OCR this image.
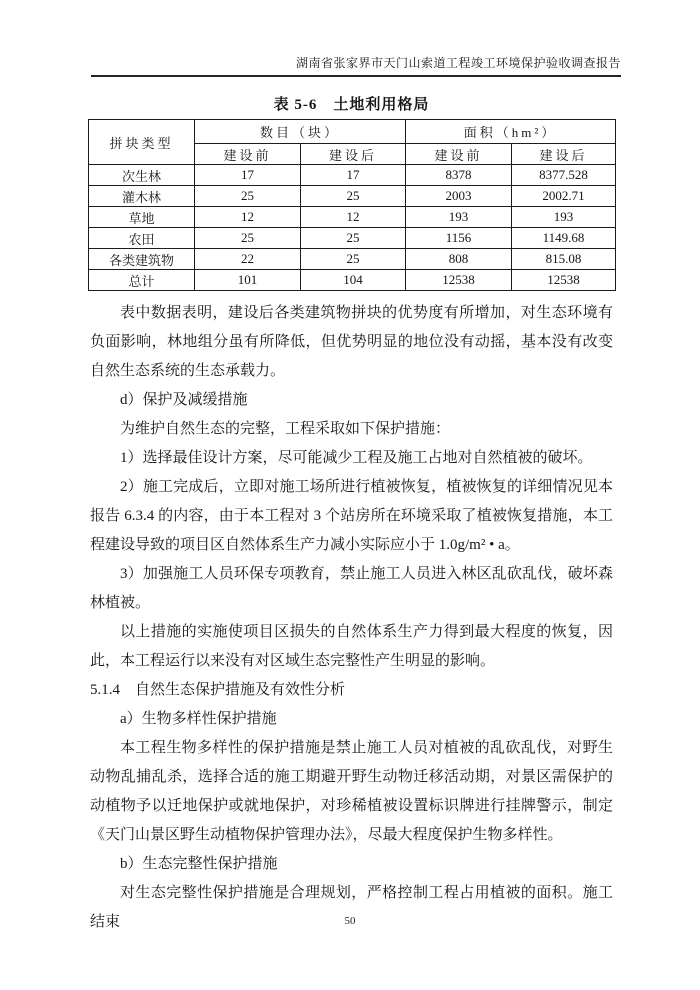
湖南省张家界市天门山索道工程竣工环境保护验收调查报告
表 5-6　土地利用格局
拼块类型	数目（块）		面积（hm²）	
	建设前	建设后	建设前	建设后
次生林	17	17	8378	8377.528
灌木林	25	25	2003	2002.71
草地	12	12	193	193
农田	25	25	1156	1149.68
各类建筑物	22	25	808	815.08
总计	101	104	12538	12538

表中数据表明，建设后各类建筑物拼块的优势度有所增加，对生态环境有负面影响，林地组分虽有所降低，但优势明显的地位没有动摇，基本没有改变自然生态系统的生态承载力。

d）保护及减缓措施

为维护自然生态的完整，工程采取如下保护措施：

1）选择最佳设计方案，尽可能减少工程及施工占地对自然植被的破坏。

2）施工完成后，立即对施工场所进行植被恢复，植被恢复的详细情况见本报告 6.3.4 的内容，由于本工程对 3 个站房所在环境采取了植被恢复措施，本工程建设导致的项目区自然体系生产力减小实际应小于 1.0g/m² • a。

3）加强施工人员环保专项教育，禁止施工人员进入林区乱砍乱伐，破坏森林植被。

以上措施的实施使项目区损失的自然体系生产力得到最大程度的恢复，因此，本工程运行以来没有对区域生态完整性产生明显的影响。

5.1.4　自然生态保护措施及有效性分析

a）生物多样性保护措施

本工程生物多样性的保护措施是禁止施工人员对植被的乱砍乱伐，对野生动物乱捕乱杀，选择合适的施工期避开野生动物迁移活动期，对景区需保护的动植物予以迁地保护或就地保护，对珍稀植被设置标识牌进行挂牌警示，制定《天门山景区野生动植物保护管理办法》，尽最大程度保护生物多样性。

b）生态完整性保护措施

对生态完整性保护措施是合理规划，严格控制工程占用植被的面积。施工结束	50
